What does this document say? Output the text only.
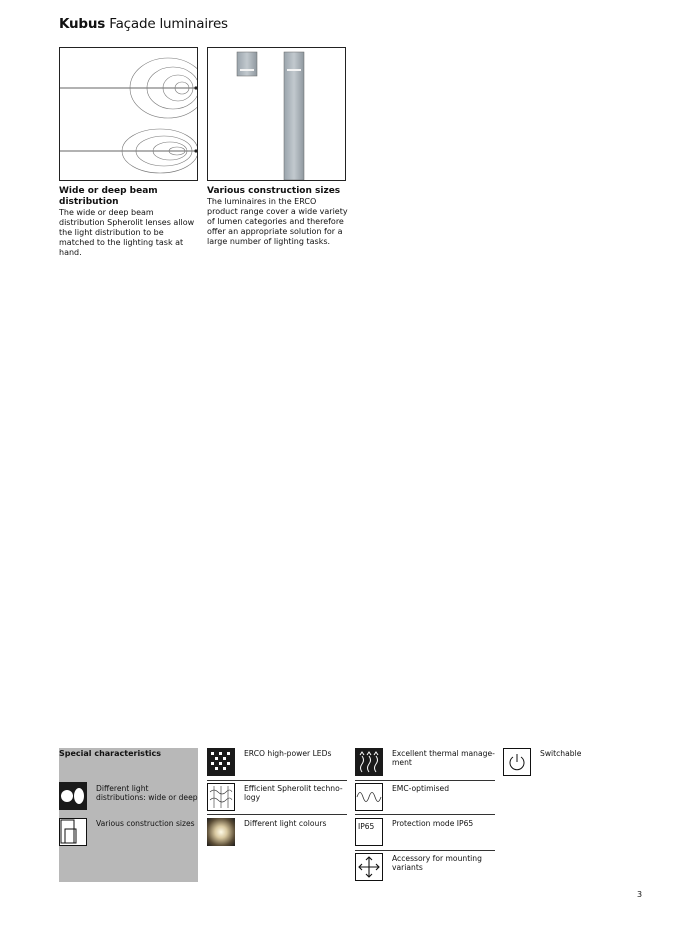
Kubus Façade luminaires
Wide or deep beam distribution
The wide or deep beam distribution Spherolit lenses allow the light distribution to be matched to the lighting task at hand.
Various construction sizes
The luminaires in the ERCO product range cover a wide variety of lumen categories and therefore offer an appropriate solution for a large number of lighting tasks.
Special characteristics
Different light distributions: wide or deep
Various construction sizes
ERCO high-power LEDs
Efficient Spherolit techno-logy
Different light colours
Excellent thermal manage-ment
EMC-optimised
IP65 Protection mode IP65
Accessory for mounting variants
Switchable
3
